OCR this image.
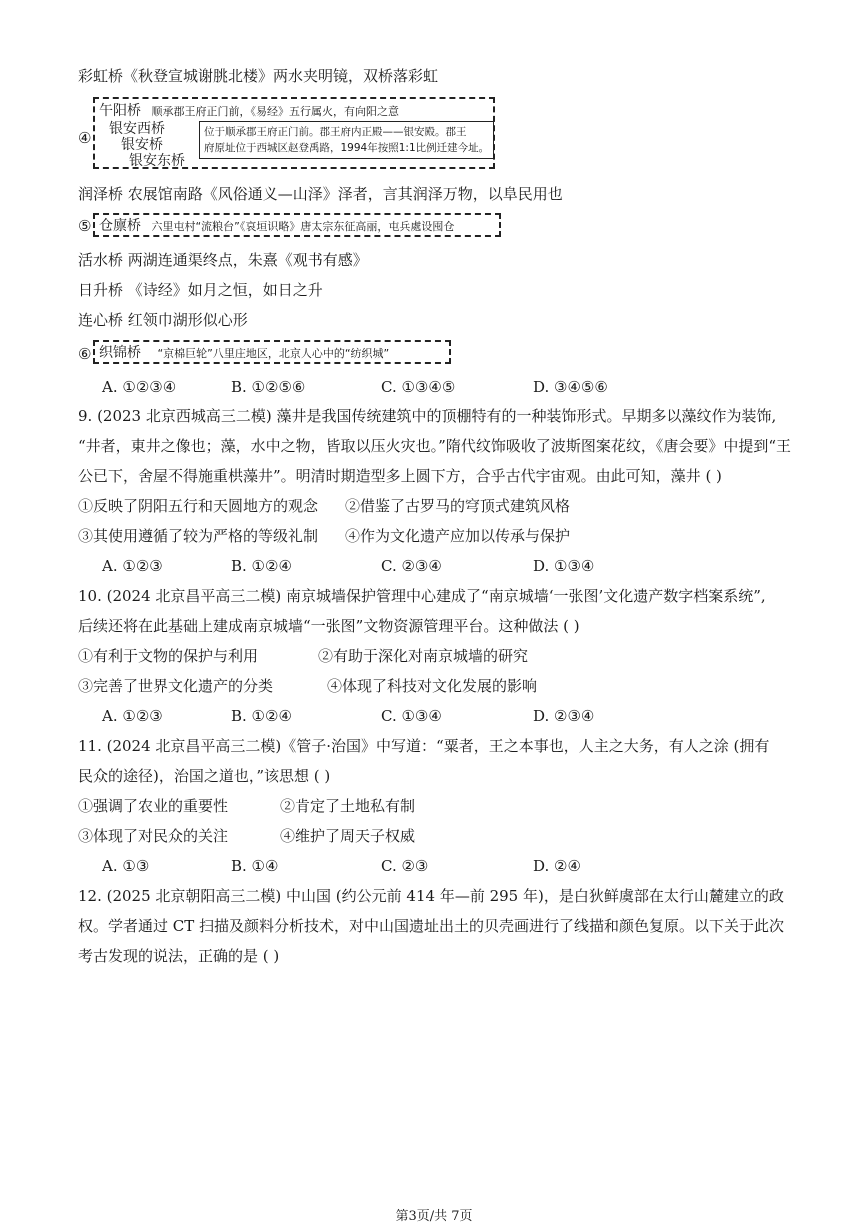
彩虹桥《秋登宣城谢朓北楼》两水夹明镜，双桥落彩虹
④
午阳桥 顺承郡王府正门前，《易经》五行属火，有向阳之意
银安西桥
银安桥
银安东桥
位于顺承郡王府正门前。郡王府内正殿——银安殿。郡王
府原址位于西城区赵登禹路，1994年按照1:1比例迁建今址。
润泽桥 农展馆南路《风俗通义—山泽》泽者，言其润泽万物，以阜民用也
⑤ 仓廪桥 六里屯村“流粮台”《哀垣识略》唐太宗东征高丽，屯兵處设囤仓
活水桥 两湖连通渠终点，朱熹《观书有感》
日升桥 《诗经》如月之恒，如日之升
连心桥 红领巾湖形似心形
⑥ 织锦桥 “京棉巨轮”八里庄地区，北京人心中的“纺织城”
A. ①②③④	B. ①②⑤⑥	C. ①③④⑤	D. ③④⑤⑥
9. (2023 北京西城高三二模) 藻井是我国传统建筑中的顶棚特有的一种装饰形式。早期多以藻纹作为装饰,
“井者，東井之像也；藻，水中之物，皆取以压火灾也。”隋代纹饰吸收了波斯图案花纹，《唐会要》中提到“王
公已下，舍屋不得施重栱藻井”。明清时期造型多上圆下方，合乎古代宇宙观。由此可知，藻井 ( )
①反映了阴阳五行和天圆地方的观念 ②借鉴了古罗马的穹顶式建筑风格
③其使用遵循了较为严格的等级礼制 ④作为文化遗产应加以传承与保护
A. ①②③	B. ①②④	C. ②③④	D. ①③④
10. (2024 北京昌平高三二模) 南京城墙保护管理中心建成了“南京城墙‘一张图’文化遗产数字档案系统”,
后续还将在此基础上建成南京城墙“一张图”文物资源管理平台。这种做法 ( )
①有利于文物的保护与利用	②有助于深化对南京城墙的研究
③完善了世界文化遗产的分类	④体现了科技对文化发展的影响
A. ①②③	B. ①②④	C. ①③④	D. ②③④
11. (2024 北京昌平高三二模)《管子·治国》中写道：“粟者，王之本事也，人主之大务，有人之涂 (拥有
民众的途径)，治国之道也，”该思想 ( )
①强调了农业的重要性	②肯定了土地私有制
③体现了对民众的关注	④维护了周天子权威
A. ①③	B. ①④	C. ②③	D. ②④
12. (2025 北京朝阳高三二模) 中山国 (约公元前 414 年—前 295 年)，是白狄鲜虞部在太行山麓建立的政
权。学者通过 CT 扫描及颜料分析技术，对中山国遗址出土的贝壳画进行了线描和颜色复原。以下关于此次
考古发现的说法，正确的是 ( )
第3页/共 7页
